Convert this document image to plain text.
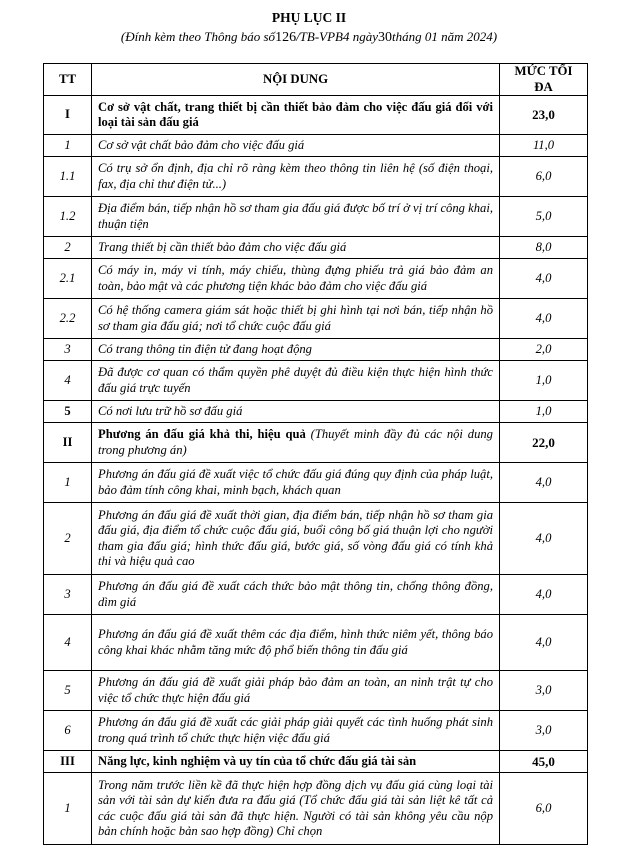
PHỤ LỤC II
(Đính kèm theo Thông báo số126/TB-VPB4 ngày30tháng 01 năm 2024)
TT	NỘI DUNG	MỨC TỐI ĐA
I	Cơ sở vật chất, trang thiết bị cần thiết bảo đảm cho việc đấu giá đối với loại tài sản đấu giá	23,0
1	Cơ sở vật chất bảo đảm cho việc đấu giá	11,0
1.1	Có trụ sở ổn định, địa chỉ rõ ràng kèm theo thông tin liên hệ (số điện thoại, fax, địa chỉ thư điện tử...)	6,0
1.2	Địa điểm bán, tiếp nhận hồ sơ tham gia đấu giá được bố trí ở vị trí công khai, thuận tiện	5,0
2	Trang thiết bị cần thiết bảo đảm cho việc đấu giá	8,0
2.1	Có máy in, máy vi tính, máy chiếu, thùng đựng phiếu trả giá bảo đảm an toàn, bảo mật và các phương tiện khác bảo đảm cho việc đấu giá	4,0
2.2	Có hệ thống camera giám sát hoặc thiết bị ghi hình tại nơi bán, tiếp nhận hồ sơ tham gia đấu giá; nơi tổ chức cuộc đấu giá	4,0
3	Có trang thông tin điện tử đang hoạt động	2,0
4	Đã được cơ quan có thẩm quyền phê duyệt đủ điều kiện thực hiện hình thức đấu giá trực tuyến	1,0
5	Có nơi lưu trữ hồ sơ đấu giá	1,0
II	Phương án đấu giá khả thi, hiệu quả (Thuyết minh đầy đủ các nội dung trong phương án)	22,0
1	Phương án đấu giá đề xuất việc tổ chức đấu giá đúng quy định của pháp luật, bảo đảm tính công khai, minh bạch, khách quan	4,0
2	Phương án đấu giá đề xuất thời gian, địa điểm bán, tiếp nhận hồ sơ tham gia đấu giá, địa điểm tổ chức cuộc đấu giá, buổi công bố giá thuận lợi cho người tham gia đấu giá; hình thức đấu giá, bước giá, số vòng đấu giá có tính khả thi và hiệu quả cao	4,0
3	Phương án đấu giá đề xuất cách thức bảo mật thông tin, chống thông đồng, dìm giá	4,0
4	Phương án đấu giá đề xuất thêm các địa điểm, hình thức niêm yết, thông báo công khai khác nhằm tăng mức độ phổ biến thông tin đấu giá	4,0
5	Phương án đấu giá đề xuất giải pháp bảo đảm an toàn, an ninh trật tự cho việc tổ chức thực hiện đấu giá	3,0
6	Phương án đấu giá đề xuất các giải pháp giải quyết các tình huống phát sinh trong quá trình tổ chức thực hiện việc đấu giá	3,0
III	Năng lực, kinh nghiệm và uy tín của tổ chức đấu giá tài sản	45,0
1	Trong năm trước liền kề đã thực hiện hợp đồng dịch vụ đấu giá cùng loại tài sản với tài sản dự kiến đưa ra đấu giá (Tổ chức đấu giá tài sản liệt kê tất cả các cuộc đấu giá tài sản đã thực hiện. Người có tài sản không yêu cầu nộp bản chính hoặc bản sao hợp đồng) Chỉ chọn	6,0
